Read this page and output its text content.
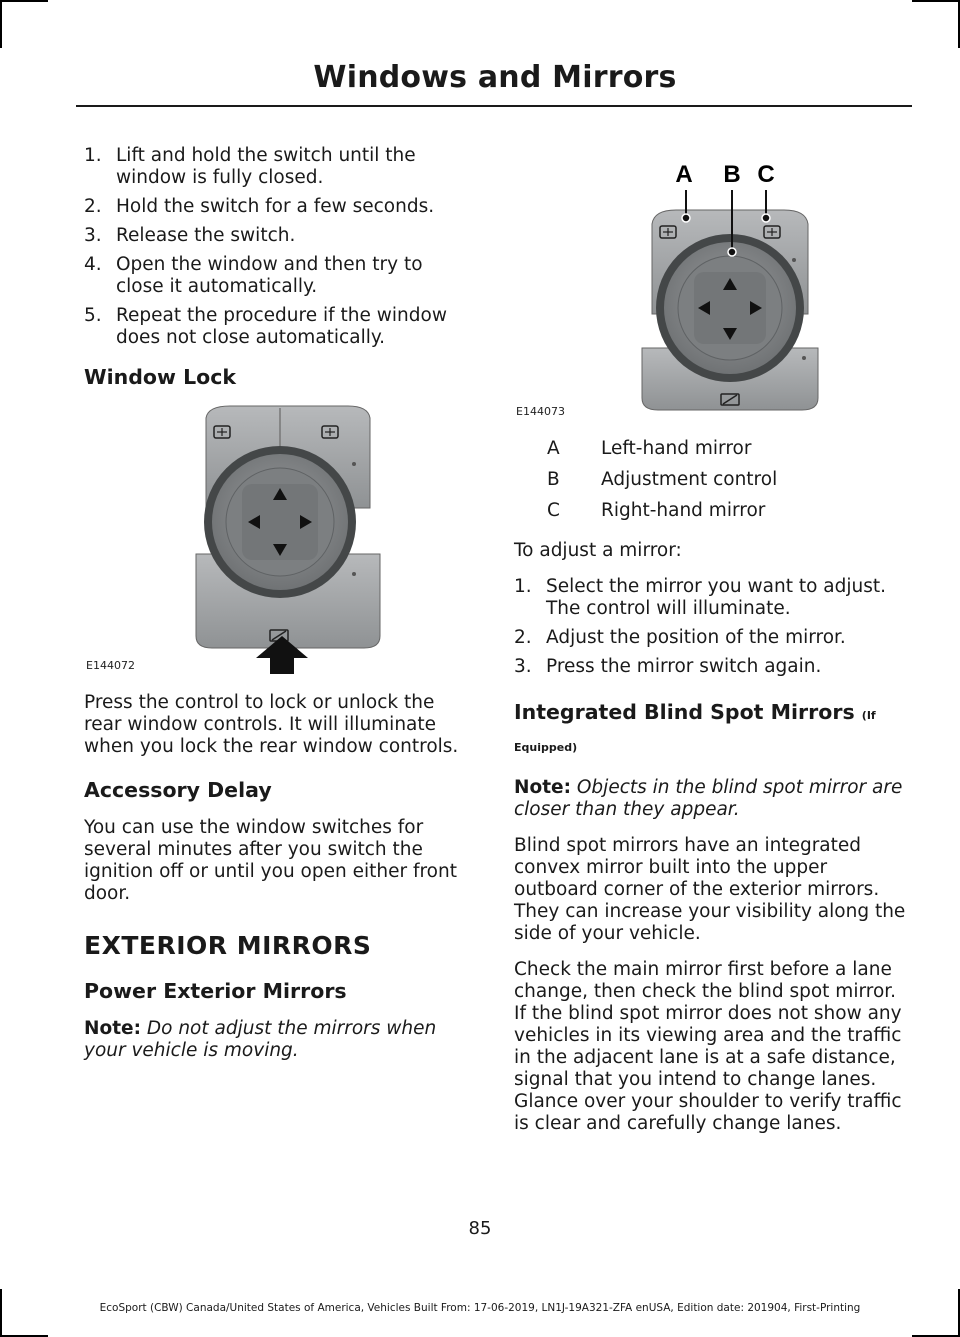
Windows and Mirrors
1. Lift and hold the switch until the window is fully closed.
2. Hold the switch for a few seconds.
3. Release the switch.
4. Open the window and then try to close it automatically.
5. Repeat the procedure if the window does not close automatically.
Window Lock
E144072

Press the control to lock or unlock the rear window controls. It will illuminate when you lock the rear window controls.

Accessory Delay

You can use the window switches for several minutes after you switch the ignition off or until you open either front door.

EXTERIOR MIRRORS
Power Exterior Mirrors

Note: Do not adjust the mirrors when your vehicle is moving.

A B C
E144073
A	Left-hand mirror
B	Adjustment control
C	Right-hand mirror

To adjust a mirror:

1. Select the mirror you want to adjust. The control will illuminate.
2. Adjust the position of the mirror.
3. Press the mirror switch again.
Integrated Blind Spot Mirrors (If Equipped)

Note: Objects in the blind spot mirror are closer than they appear.

Blind spot mirrors have an integrated convex mirror built into the upper outboard corner of the exterior mirrors. They can increase your visibility along the side of your vehicle.

Check the main mirror first before a lane change, then check the blind spot mirror. If the blind spot mirror does not show any vehicles in its viewing area and the traffic in the adjacent lane is at a safe distance, signal that you intend to change lanes. Glance over your shoulder to verify traffic is clear and carefully change lanes.

85
EcoSport (CBW) Canada/United States of America, Vehicles Built From: 17-06-2019, LN1J-19A321-ZFA enUSA, Edition date: 201904, First-Printing
